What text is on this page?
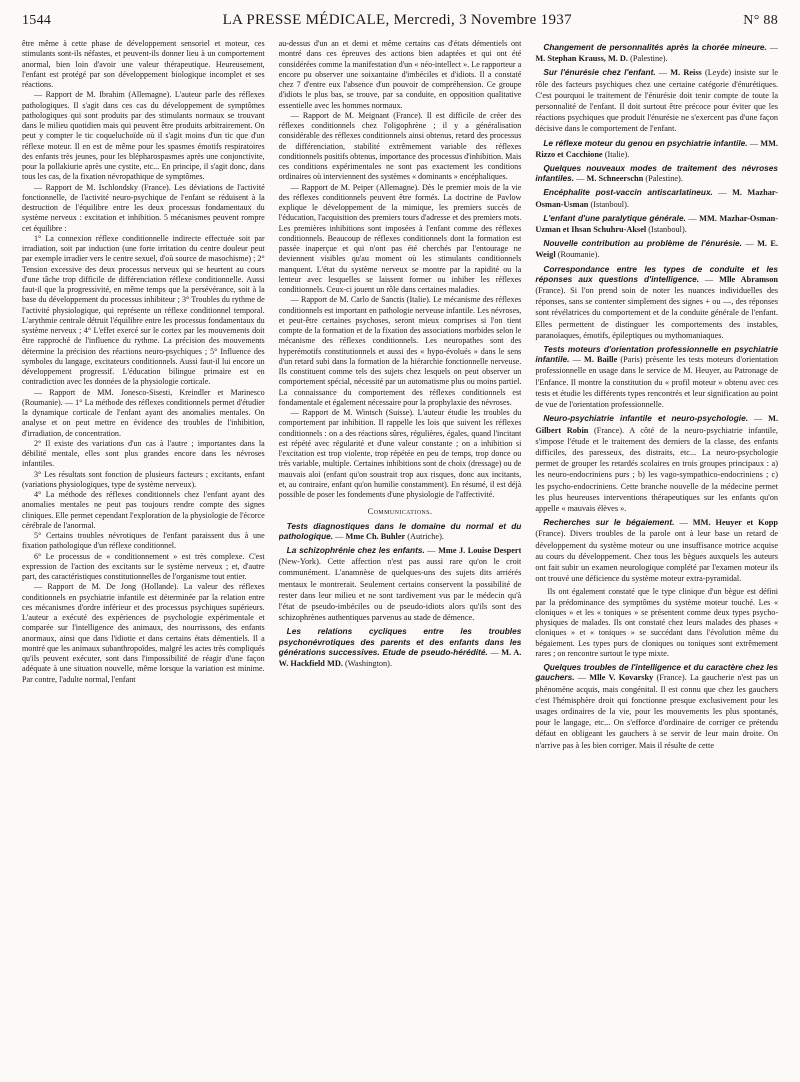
1544	LA PRESSE MÉDICALE, Mercredi, 3 Novembre 1937	N° 88

être même à cette phase de développement sensoriel et moteur, ces stimulants sont-ils néfastes, et peuvent-ils donner lieu à un comportement anormal, bien loin d'avoir une valeur thérapeutique. Heureusement, l'enfant est protégé par son développement biologique incomplet et ses réactions.

— Rapport de M. Ibrahim (Allemagne). L'auteur parle des réflexes pathologiques. Il s'agit dans ces cas du développement de symptômes pathologiques qui sont produits par des stimulants normaux se trouvant dans le milieu quotidien mais qui peuvent être produits arbitrairement. On peut y compter le tic coqueluchoïde où il s'agit moins d'un tic que d'un réflexe moteur. Il en est de même pour les spasmes émotifs respiratoires des enfants très jeunes, pour les blépharospasmes après une conjonctivite, pour la pollakiurie après une cystite, etc... En principe, il s'agit donc, dans tous les cas, de la fixation névropathique de symptômes.

— Rapport de M. Ischlondsky (France). Les déviations de l'activité fonctionnelle, de l'activité neuro-psychique de l'enfant se réduisent à la destruction de l'équilibre entre les deux processus fondamentaux du système nerveux : excitation et inhibition. 5 mécanismes peuvent rompre cet équilibre :

1° La connexion réflexe conditionnelle indirecte effectuée soit par irradiation, soit par induction (une forte irritation du centre douleur peut par exemple irradier vers le centre sexuel, d'où source de masochisme) ; 2° Tension excessive des deux processus nerveux qui se heurtent au cours d'une tâche trop difficile de différenciation réflexe conditionnelle. Aussi faut-il que la progressivité, en même temps que la persévérance, soit à la base du développement du processus inhibiteur ; 3° Troubles du rythme de l'activité physiologique, qui représente un réflexe conditionnel temporal. L'arythmie centrale détruit l'équilibre entre les processus fondamentaux du système nerveux ; 4° L'effet exercé sur le cortex par les mouvements doit être rapproché de l'influence du rythme. La précision des mouvements détermine la précision des réactions neuro-psychiques ; 5° Influence des symboles du langage, excitateurs conditionnels. Aussi faut-il lui encore un développement progressif. L'éducation bilingue primaire est en contradiction avec les données de la physiologie corticale.

— Rapport de MM. Jonesco-Sisesti, Kreindler et Marinesco (Roumanie). — 1° La méthode des réflexes conditionnels permet d'étudier la dynamique corticale de l'enfant ayant des anomalies mentales. On analyse et on peut mettre en évidence des troubles de l'inhibition, d'irradiation, de concentration.

2° Il existe des variations d'un cas à l'autre ; importantes dans la débilité mentale, elles sont plus grandes encore dans les névroses infantiles.

3° Les résultats sont fonction de plusieurs facteurs ; excitants, enfant (variations physiologiques, type de système nerveux).

4° La méthode des réflexes conditionnels chez l'enfant ayant des anomalies mentales ne peut pas toujours rendre compte des signes cliniques. Elle permet cependant l'exploration de la physiologie de l'écorce cérébrale de l'anormal.

5° Certains troubles névrotiques de l'enfant paraissent dus à une fixation pathologique d'un réflexe conditionnel.

6° Le processus de « conditionnement » est très complexe. C'est expression de l'action des excitants sur le système nerveux ; et, d'autre part, des caractéristiques constitutionnelles de l'organisme tout entier.

— Rapport de M. De Jong (Hollande). La valeur des réflexes conditionnels en psychiatrie infantile est déterminée par la relation entre ces mécanismes d'ordre inférieur et des processus psychiques supérieurs. L'auteur a exécuté des expériences de psychologie expérimentale et comparée sur l'intelligence des animaux, des nourrissons, des enfants anormaux, ainsi que dans l'idiotie et dans certains états démentiels. Il a montré que les animaux subanthropoïdes, malgré les actes très compliqués qu'ils peuvent exécuter, sont dans l'impossibilité de réagir d'une façon adéquate à une situation nouvelle, même lorsque la variation est minime. Par contre, l'adulte normal, l'enfant

au-dessus d'un an et demi et même certains cas d'états démentiels ont montré dans ces épreuves des actions bien adaptées et qui ont été considérées comme la manifestation d'un « néo-intellect ». Le rapporteur a encore pu observer une soixantaine d'imbéciles et d'idiots. Il a constaté chez 7 d'entre eux l'absence d'un pouvoir de compréhension. Ce groupe d'idiots le plus bas, se trouve, par sa conduite, en opposition qualitative essentielle avec les hommes normaux.

— Rapport de M. Meignant (France). Il est difficile de créer des réflexes conditionnels chez l'oligophrène ; il y a généralisation considérable des réflexes conditionnels ainsi obtenus, retard des processus de différenciation, stabilité extrêmement variable des réflexes conditionnels positifs obtenus, importance des processus d'inhibition. Mais ces conditions expérimentales ne sont pas exactement les conditions ordinaires où interviennent des systèmes « dominants » encéphaliques.

— Rapport de M. Peiper (Allemagne). Dès le premier mois de la vie des réflexes conditionnels peuvent être formés. La doctrine de Pavlow explique le développement de la mimique, les premiers succès de l'éducation, l'acquisition des premiers tours d'adresse et des premiers mots. Les premières inhibitions sont imposées à l'enfant comme des réflexes conditionnels. Beaucoup de réflexes conditionnels dont la formation est passée inaperçue et qui n'ont pas été cherchés par l'entourage ne deviennent visibles qu'au moment où les stimulants conditionnels manquent. L'état du système nerveux se montre par la rapidité ou la lenteur avec lesquelles se laissent former ou inhiber les réflexes conditionnels. Ceux-ci jouent un rôle dans certaines maladies.

— Rapport de M. Carlo de Sanctis (Italie). Le mécanisme des réflexes conditionnels est important en pathologie nerveuse infantile. Les névroses, et peut-être certaines psychoses, seront mieux comprises si l'on tient compte de la formation et de la fixation des associations morbides selon le mécanisme des réflexes conditionnels. Les neuropathes sont des hyperémotifs constitutionnels et aussi des « hypo-évolués » dans le sens d'un retard subi dans la formation de la hiérarchie fonctionnelle nerveuse. Ils constituent comme tels des sujets chez lesquels on peut observer un comportement spécial, nécessité par un automatisme plus ou moins partiel. La connaissance du comportement des réflexes conditionnels est fondamentale et également nécessaire pour la prophylaxie des névroses.

— Rapport de M. Wintsch (Suisse). L'auteur étudie les troubles du comportement par inhibition. Il rappelle les lois que suivent les réflexes conditionnels : on a des réactions sûres, régulières, égales, quand l'incitant est répété avec régularité et d'une valeur constante ; on a inhibition si l'excitation est trop violente, trop répétée en peu de temps, trop donce ou très variable, multiple. Certaines inhibitions sont de choix (dressage) ou de mauvais aloi (enfant qu'on soustrait trop aux risques, donc aux incitants, et, au contraire, enfant qu'on humilie constamment). En résumé, il est déjà possible de poser les fondements d'une physiologie de l'affectivité.

Communications.
Tests diagnostiques dans le domaine du normal et du pathologique. — Mme Ch. Buhler (Autriche).
La schizophrénie chez les enfants. — Mme J. Louise Despert (New-York). Cette affection n'est pas aussi rare qu'on le croit communément. L'anamnèse de quelques-uns des sujets dits arriérés mentaux le montrerait. Seulement certains conservent la possibilité de rester dans leur milieu et ne sont tardivement vus par le médecin qu'à l'état de pseudo-imbéciles ou de pseudo-idiots alors qu'ils sont des schizophrènes authentiques parvenus au stade de démence.
Les relations cycliques entre les troubles psychonévrotiques des parents et des enfants dans les générations successives. Etude de pseudo-hérédité. — M. A. W. Hackfield MD. (Washington).
Changement de personnalités après la chorée mineure. — M. Stephan Krauss, M. D. (Palestine).
Sur l'énurésie chez l'enfant. — M. Reiss (Leyde) insiste sur le rôle des facteurs psychiques chez une certaine catégorie d'énurétiques. C'est pourquoi le traitement de l'énurésie doit tenir compte de toute la personnalité de l'enfant. Il doit surtout être précoce pour éviter que les réactions psychiques que produit l'énurésie ne s'exercent pas d'une façon décisive dans le comportement de l'enfant.
Le réflexe moteur du genou en psychiatrie infantile. — MM. Rizzo et Cacchione (Italie).
Quelques nouveaux modes de traitement des névroses infantiles. — M. Schneerschn (Palestine).
Encéphalite post-vaccin antiscarlatineux. — M. Mazhar-Osman-Usman (Istanboul).
L'enfant d'une paralytique générale. — MM. Mazhar-Osman-Uzman et Ihsan Schuhru-Aksel (Istanboul).
Nouvelle contribution au problème de l'énurésie. — M. E. Weigl (Roumanie).
Correspondance entre les types de conduite et les réponses aux questions d'intelligence. — Mlle Abramson (France). Si l'on prend soin de noter les nuances individuelles des réponses, sans se contenter simplement des signes + ou —, des réponses sont révélatrices du comportement et de la conduite générale de l'enfant. Elles permettent de distinguer les comportements des instables, paranoïaques, émotifs, épileptiques ou mythomaniaques.
Tests moteurs d'orientation professionnelle en psychiatrie infantile. — M. Baille (Paris) présente les tests moteurs d'orientation professionnelle en usage dans le service de M. Heuyer, au Patronage de l'Enfance. Il montre la constitution du « profil moteur » obtenu avec ces tests et étudie les différents types rencontrés et leur signification au point de vue de l'orientation professionnelle.
Neuro-psychiatrie infantile et neuro-psychologie. — M. Gilbert Robin (France). A côté de la neuro-psychiatrie infantile, s'impose l'étude et le traitement des derniers de la classe, des enfants difficiles, des paresseux, des distraits, etc... La neuro-psychologie permet de grouper les retardés scolaires en trois groupes principaux : a) les neuro-endocriniens purs ; b) les vago-sympathico-endocriniens ; c) les psycho-endocriniens. Cette branche nouvelle de la médecine permet les plus heureuses interventions thérapeutiques sur les enfants qu'on appelle « mauvais élèves ».
Recherches sur le bégaiement. — MM. Heuyer et Kopp (France). Divers troubles de la parole ont à leur base un retard de développement du système moteur ou une insuffisance motrice acquise au cours du développement. Chez tous les bègues auxquels les auteurs ont fait subir un examen neurologique complété par l'examen moteur ils ont trouvé une déficience du système moteur extra-pyramidal.

Ils ont également constaté que le type clinique d'un bègue est défini par la prédominance des symptômes du système moteur touché. Les « cloniques » et les « toniques » se présentent comme deux types psycho-physiques de malades. Ils ont constaté chez leurs malades des phases « cloniques » et « toniques » se succédant dans l'évolution même du bégaiement. Les types purs de cloniques ou toniques sont extrêmement rares ; on rencontre surtout le type mixte.

Quelques troubles de l'intelligence et du caractère chez les gauchers. — Mlle V. Kovarsky (France). La gaucherie n'est pas un phénomène acquis, mais congénital. Il est connu que chez les gauchers c'est l'hémisphère droit qui fonctionne presque exclusivement pour les usages ordinaires de la vie, pour les mouvements les plus spontanés, pour le langage, etc... On s'efforce d'ordinaire de corriger ce prétendu défaut en obligeant les gauchers à se servir de leur main droite. On n'arrive pas à les bien corriger. Mais il résulte de cette
